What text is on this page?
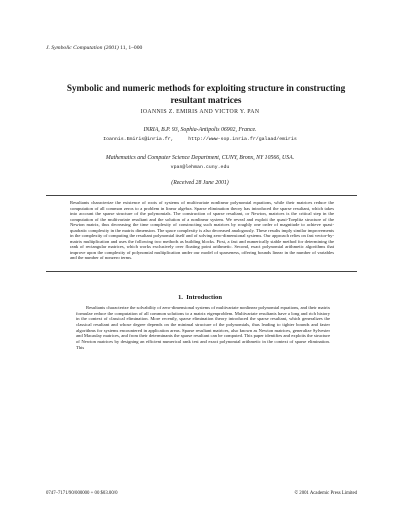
J. Symbolic Computation (2001) 11, 1–000
Symbolic and numeric methods for exploiting structure in constructing resultant matrices
IOANNIS Z. EMIRIS AND VICTOR Y. PAN
INRIA, B.P. 93, Sophia-Antipolis 06902, France.
Ioannis.Emiris@inria.fr,     http://www-sop.inria.fr/galaad/emiris
Mathematics and Computer Science Department, CUNY, Bronx, NY 10566, USA.
vpan@lehman.cuny.edu
(Received 28 June 2001)
Resultants characterize the existence of roots of systems of multivariate nonlinear polynomial equations, while their matrices reduce the computation of all common zeros to a problem in linear algebra. Sparse elimination theory has introduced the sparse resultant, which takes into account the sparse structure of the polynomials. The construction of sparse resultant, or Newton, matrices is the critical step in the computation of the multivariate resultant and the solution of a nonlinear system. We reveal and exploit the quasi-Toeplitz structure of the Newton matrix, thus decreasing the time complexity of constructing such matrices by roughly one order of magnitude to achieve quasi-quadratic complexity in the matrix dimension. The space complexity is also decreased analogously. These results imply similar improvements in the complexity of computing the resultant polynomial itself and of solving zero-dimensional systems. Our approach relies on fast vector-by-matrix multiplication and uses the following two methods as building blocks. First, a fast and numerically stable method for determining the rank of rectangular matrices, which works exclusively over floating point arithmetic. Second, exact polynomial arithmetic algorithms that improve upon the complexity of polynomial multiplication under our model of sparseness, offering bounds linear in the number of variables and the number of nonzero terms.
1. Introduction
Resultants characterize the solvability of zero-dimensional systems of multivariate nonlinear polynomial equations, and their matrix formulae reduce the computation of all common solutions to a matrix eigenproblem. Multivariate resultants have a long and rich history in the context of classical elimination. More recently, sparse elimination theory introduced the sparse resultant, which generalizes the classical resultant and whose degree depends on the minimal structure of the polynomials, thus leading to tighter bounds and faster algorithms for systems encountered in application areas. Sparse resultant matrices, also known as Newton matrices, generalize Sylvester and Macaulay matrices, and from their determinants the sparse resultant can be computed. This paper identifies and exploits the structure of Newton matrices by designing an efficient numerical rank test and exact polynomial arithmetic in the context of sparse elimination. This
0747–7171/90/000000 + 00 $03.00/0	© 2001 Academic Press Limited
